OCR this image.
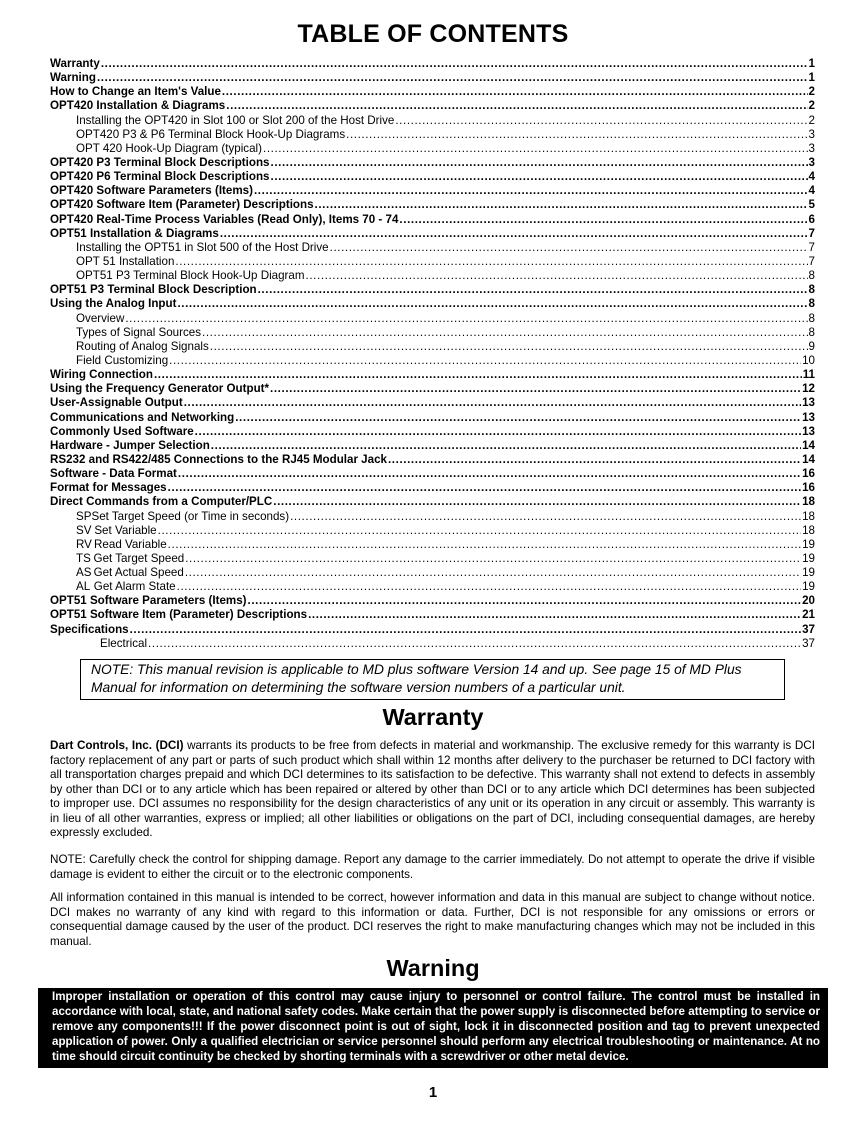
TABLE OF CONTENTS
Warranty .....	1
Warning .....	1
How to Change an Item's Value .....	2
OPT420 Installation & Diagrams .....	2
Installing the OPT420 in Slot 100 or Slot 200 of the Host Drive .....	2
OPT420 P3 & P6 Terminal Block Hook-Up Diagrams .....	3
OPT 420 Hook-Up Diagram (typical) .....	3
OPT420 P3 Terminal Block Descriptions .....	3
OPT420 P6 Terminal Block Descriptions .....	4
OPT420 Software Parameters (Items) .....	4
OPT420 Software Item (Parameter) Descriptions .....	5
OPT420 Real-Time Process Variables (Read Only), Items 70 - 74 .....	6
OPT51 Installation & Diagrams .....	7
Installing the OPT51 in Slot 500 of the Host Drive .....	7
OPT 51 Installation .....	7
OPT51 P3 Terminal Block Hook-Up Diagram .....	8
OPT51 P3 Terminal Block Description .....	8
Using the Analog Input .....	8
Overview .....	8
Types of Signal Sources .....	8
Routing of Analog Signals .....	9
Field Customizing .....	10
Wiring Connection .....	11
Using the Frequency Generator Output* .....	12
User-Assignable Output .....	13
Communications and Networking .....	13
Commonly Used Software .....	13
Hardware - Jumper Selection .....	14
RS232 and RS422/485 Connections to the RJ45 Modular Jack .....	14
Software - Data Format .....	16
Format for Messages .....	16
Direct Commands from a Computer/PLC .....	18
SP Set Target Speed (or Time in seconds) .....	18
SV Set Variable .....	18
RV Read Variable .....	19
TS Get Target Speed .....	19
AS Get Actual Speed .....	19
AL Get Alarm State .....	19
OPT51 Software Parameters (Items) .....	20
OPT51 Software Item (Parameter) Descriptions .....	21
Specifications .....	37
Electrical .....	37

NOTE: This manual revision is applicable to MD plus software Version 14 and up. See page 15 of MD Plus Manual for information on determining the software version numbers of a particular unit.

Warranty

Dart Controls, Inc. (DCI) warrants its products to be free from defects in material and workmanship. The exclusive remedy for this warranty is DCI factory replacement of any part or parts of such product which shall within 12 months after delivery to the purchaser be returned to DCI factory with all transportation charges prepaid and which DCI determines to its satisfaction to be defective. This warranty shall not extend to defects in assembly by other than DCI or to any article which has been repaired or altered by other than DCI or to any article which DCI determines has been subjected to improper use. DCI assumes no responsibility for the design characteristics of any unit or its operation in any circuit or assembly. This warranty is in lieu of all other warranties, express or implied; all other liabilities or obligations on the part of DCI, including consequential damages, are hereby expressly excluded.

NOTE: Carefully check the control for shipping damage. Report any damage to the carrier immediately. Do not attempt to operate the drive if visible damage is evident to either the circuit or to the electronic components.

All information contained in this manual is intended to be correct, however information and data in this manual are subject to change without notice. DCI makes no warranty of any kind with regard to this information or data. Further, DCI is not responsible for any omissions or errors or consequential damage caused by the user of the product. DCI reserves the right to make manufacturing changes which may not be included in this manual.

Warning

Improper installation or operation of this control may cause injury to personnel or control failure. The control must be installed in accordance with local, state, and national safety codes. Make certain that the power supply is disconnected before attempting to service or remove any components!!! If the power disconnect point is out of sight, lock it in disconnected position and tag to prevent unexpected application of power. Only a qualified electrician or service personnel should perform any electrical troubleshooting or maintenance. At no time should circuit continuity be checked by shorting terminals with a screwdriver or other metal device.

1
